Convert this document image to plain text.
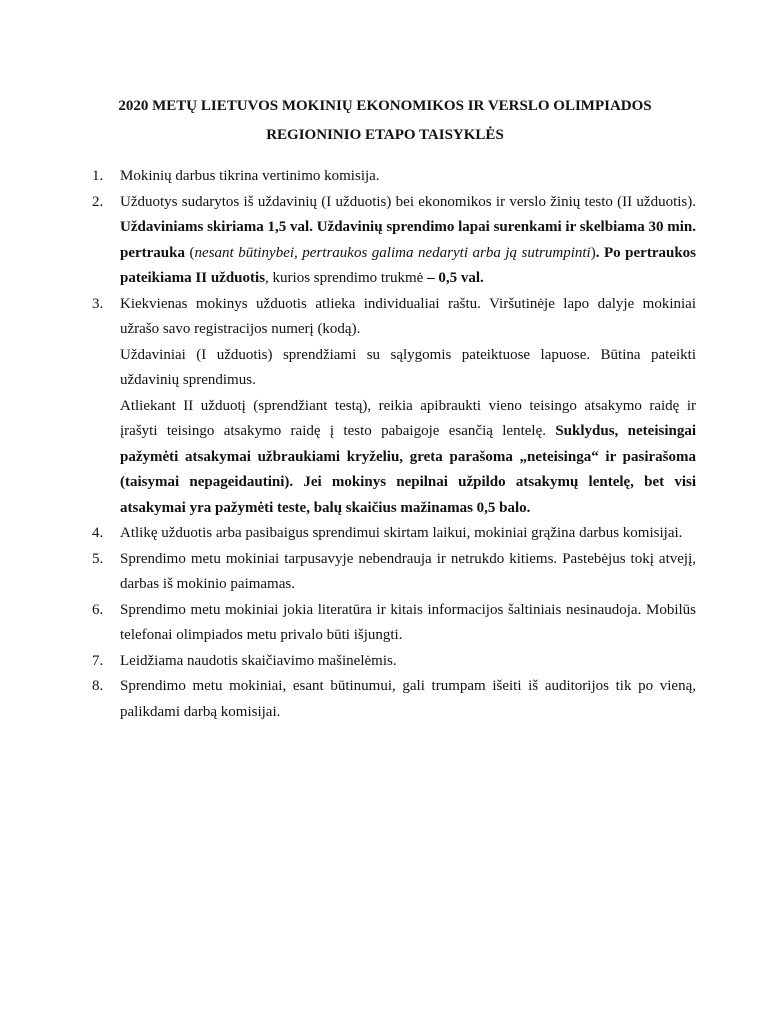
2020 METŲ LIETUVOS MOKINIŲ EKONOMIKOS IR VERSLO OLIMPIADOS
REGIONINIO ETAPO TAISYKLĖS
1.	Mokinių darbus tikrina vertinimo komisija.

2.	Užduotys sudarytos iš uždavinių (I užduotis) bei ekonomikos ir verslo žinių testo (II užduotis). Uždaviniams skiriama 1,5 val. Uždavinių sprendimo lapai surenkami ir skelbiama 30 min. pertrauka (nesant būtinybei, pertraukos galima nedaryti arba ją sutrumpinti). Po pertraukos pateikiama II užduotis, kurios sprendimo trukmė – 0,5 val.

3.	Kiekvienas mokinys užduotis atlieka individualiai raštu. Viršutinėje lapo dalyje mokiniai užrašo savo registracijos numerį (kodą).

Uždaviniai (I užduotis) sprendžiami su sąlygomis pateiktuose lapuose. Būtina pateikti uždavinių sprendimus.

Atliekant II užduotį (sprendžiant testą), reikia apibraukti vieno teisingo atsakymo raidę ir įrašyti teisingo atsakymo raidę į testo pabaigoje esančią lentelę. Suklydus, neteisingai pažymėti atsakymai užbraukiami kryželiu, greta parašoma „neteisinga“ ir pasirašoma (taisymai nepageidautini). Jei mokinys nepilnai užpildo atsakymų lentelę, bet visi atsakymai yra pažymėti teste, balų skaičius mažinamas 0,5 balo.

4.	Atlikę užduotis arba pasibaigus sprendimui skirtam laikui, mokiniai grąžina darbus komisijai.

5.	Sprendimo metu mokiniai tarpusavyje nebendrauja ir netrukdo kitiems. Pastebėjus tokį atvejį, darbas iš mokinio paimamas.

6.	Sprendimo metu mokiniai jokia literatūra ir kitais informacijos šaltiniais nesinaudoja. Mobilūs telefonai olimpiados metu privalo būti išjungti.

7.	Leidžiama naudotis skaičiavimo mašinelėmis.

8.	Sprendimo metu mokiniai, esant būtinumui, gali trumpam išeiti iš auditorijos tik po vieną, palikdami darbą komisijai.
